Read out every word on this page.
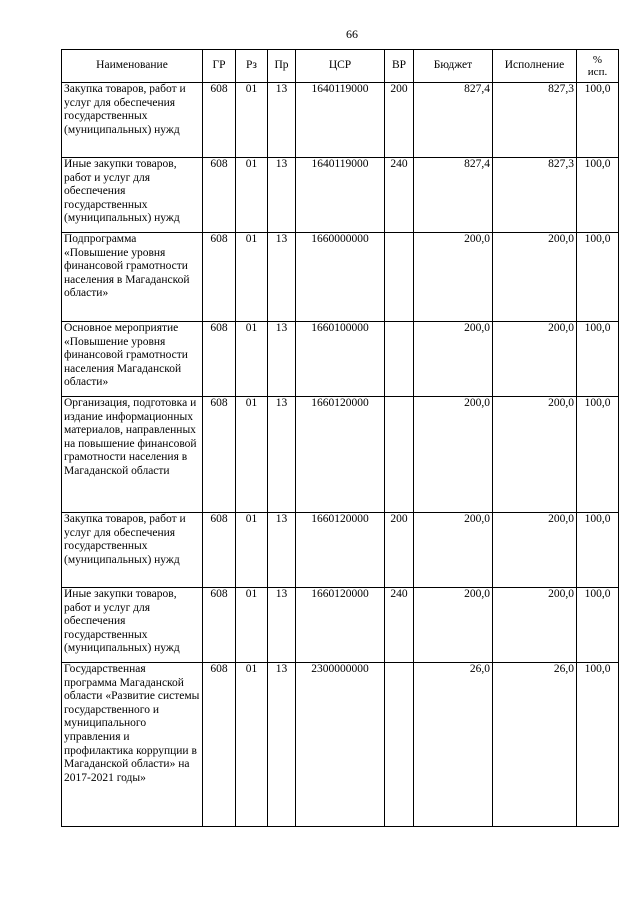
66
Наименование	ГР	Рз	Пр	ЦСР	ВР	Бюджет	Исполнение	%
исп.

Закупка товаров, работ и услуг для обеспечения государственных (муниципальных) нужд	608	01	13	1640119000	200	827,4	827,3	100,0
Иные закупки товаров, работ и услуг для обеспечения государственных (муниципальных) нужд	608	01	13	1640119000	240	827,4	827,3	100,0
Подпрограмма «Повышение уровня финансовой грамотности населения в Магаданской области»	608	01	13	1660000000		200,0	200,0	100,0
Основное мероприятие «Повышение уровня финансовой грамотности населения Магаданской области»	608	01	13	1660100000		200,0	200,0	100,0
Организация, подготовка и издание информационных материалов, направленных на повышение финансовой грамотности населения в Магаданской области	608	01	13	1660120000		200,0	200,0	100,0
Закупка товаров, работ и услуг для обеспечения государственных (муниципальных) нужд	608	01	13	1660120000	200	200,0	200,0	100,0
Иные закупки товаров, работ и услуг для обеспечения государственных (муниципальных) нужд	608	01	13	1660120000	240	200,0	200,0	100,0
Государственная программа Магаданской области «Развитие системы государственного и муниципального управления и профилактика коррупции в Магаданской области» на 2017-2021 годы»	608	01	13	2300000000		26,0	26,0	100,0
